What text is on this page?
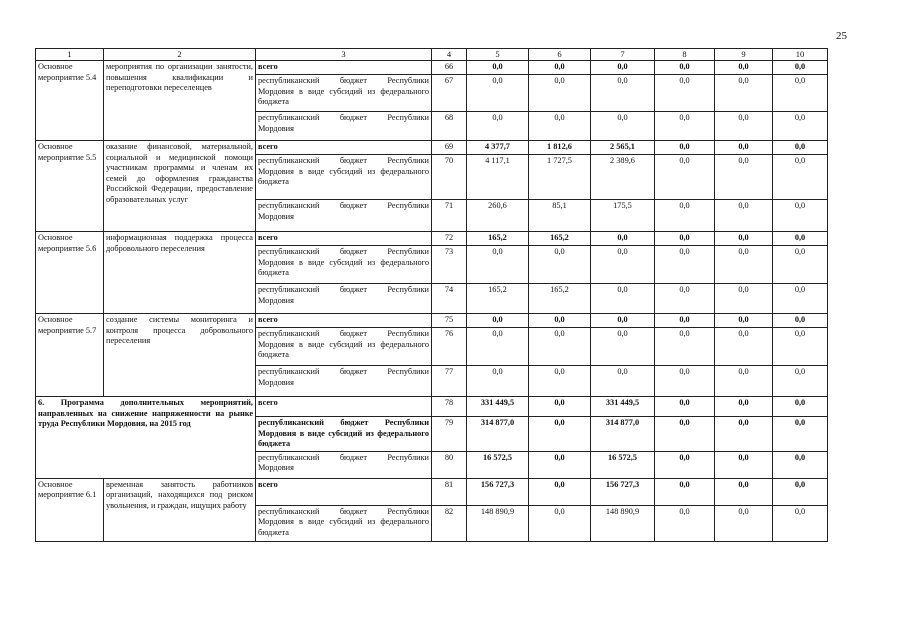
25
1	2	3	4	5	6	7	8	9	10
Основное мероприятие 5.4	мероприятия по организации занятости, повышения квалификации и переподготовки переселенцев	всего	66	0,0	0,0	0,0	0,0	0,0	0,0
		республиканский бюджет Республики Мордовия в виде субсидий из федерального бюджета	67	0,0	0,0	0,0	0,0	0,0	0,0
		республиканский бюджет Республики Мордовия	68	0,0	0,0	0,0	0,0	0,0	0,0
Основное мероприятие 5.5	оказание финансовой, материальной, социальной и медицинской помощи участникам программы и членам их семей до оформления гражданства Российской Федерации, предоставление образовательных услуг	всего	69	4 377,7	1 812,6	2 565,1	0,0	0,0	0,0
		республиканский бюджет Республики Мордовия в виде субсидий из федерального бюджета	70	4 117,1	1 727,5	2 389,6	0,0	0,0	0,0
		республиканский бюджет Республики Мордовия	71	260,6	85,1	175,5	0,0	0,0	0,0
Основное мероприятие 5.6	информационная поддержка процесса добровольного переселения	всего	72	165,2	165,2	0,0	0,0	0,0	0,0
		республиканский бюджет Республики Мордовия в виде субсидий из федерального бюджета	73	0,0	0,0	0,0	0,0	0,0	0,0
		республиканский бюджет Республики Мордовия	74	165,2	165,2	0,0	0,0	0,0	0,0
Основное мероприятие 5.7	создание системы мониторинга и контроля процесса добровольного переселения	всего	75	0,0	0,0	0,0	0,0	0,0	0,0
		республиканский бюджет Республики Мордовия в виде субсидий из федерального бюджета	76	0,0	0,0	0,0	0,0	0,0	0,0
		республиканский бюджет Республики Мордовия	77	0,0	0,0	0,0	0,0	0,0	0,0
6. Программа дополнительных мероприятий, направленных на снижение напряженности на рынке труда Республики Мордовия, на 2015 год		всего	78	331 449,5	0,0	331 449,5	0,0	0,0	0,0
		республиканский бюджет Республики Мордовия в виде субсидий из федерального бюджета	79	314 877,0	0,0	314 877,0	0,0	0,0	0,0
		республиканский бюджет Республики Мордовия	80	16 572,5	0,0	16 572,5	0,0	0,0	0,0
Основное мероприятие 6.1	временная занятость работников организаций, находящихся под риском увольнения, и граждан, ищущих работу	всего	81	156 727,3	0,0	156 727,3	0,0	0,0	0,0
		республиканский бюджет Республики Мордовия в виде субсидий из федерального бюджета	82	148 890,9	0,0	148 890,9	0,0	0,0	0,0
